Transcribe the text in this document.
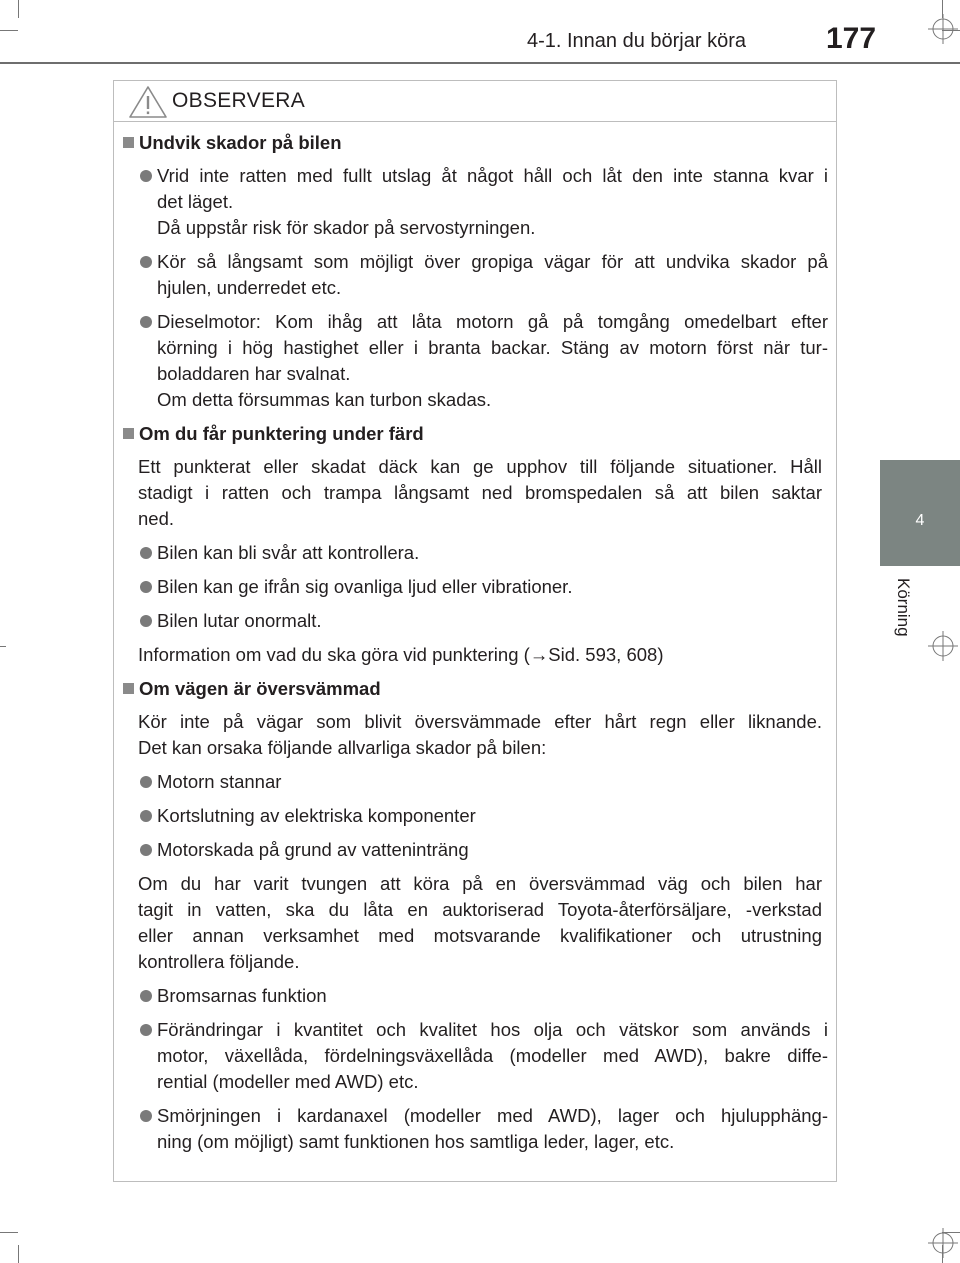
4-1. Innan du börjar köra	177
4
Körning
OBSERVERA
Undvik skador på bilen
Vrid inte ratten med fullt utslag åt något håll och låt den inte stanna kvar i
det läget.
Då uppstår risk för skador på servostyrningen.
Kör så långsamt som möjligt över gropiga vägar för att undvika skador på
hjulen, underredet etc.
Dieselmotor: Kom ihåg att låta motorn gå på tomgång omedelbart efter
körning i hög hastighet eller i branta backar. Stäng av motorn först när tur-
boladdaren har svalnat.
Om detta försummas kan turbon skadas.
Om du får punktering under färd
Ett punkterat eller skadat däck kan ge upphov till följande situationer. Håll
stadigt i ratten och trampa långsamt ned bromspedalen så att bilen saktar
ned.
Bilen kan bli svår att kontrollera.
Bilen kan ge ifrån sig ovanliga ljud eller vibrationer.
Bilen lutar onormalt.
Information om vad du ska göra vid punktering (→Sid. 593, 608)
Om vägen är översvämmad
Kör inte på vägar som blivit översvämmade efter hårt regn eller liknande.
Det kan orsaka följande allvarliga skador på bilen:
Motorn stannar
Kortslutning av elektriska komponenter
Motorskada på grund av vatteninträng
Om du har varit tvungen att köra på en översvämmad väg och bilen har
tagit in vatten, ska du låta en auktoriserad Toyota-återförsäljare, -verkstad
eller annan verksamhet med motsvarande kvalifikationer och utrustning
kontrollera följande.
Bromsarnas funktion
Förändringar i kvantitet och kvalitet hos olja och vätskor som används i
motor, växellåda, fördelningsväxellåda (modeller med AWD), bakre diffe-
rential (modeller med AWD) etc.
Smörjningen i kardanaxel (modeller med AWD), lager och hjulupphäng-
ning (om möjligt) samt funktionen hos samtliga leder, lager, etc.
